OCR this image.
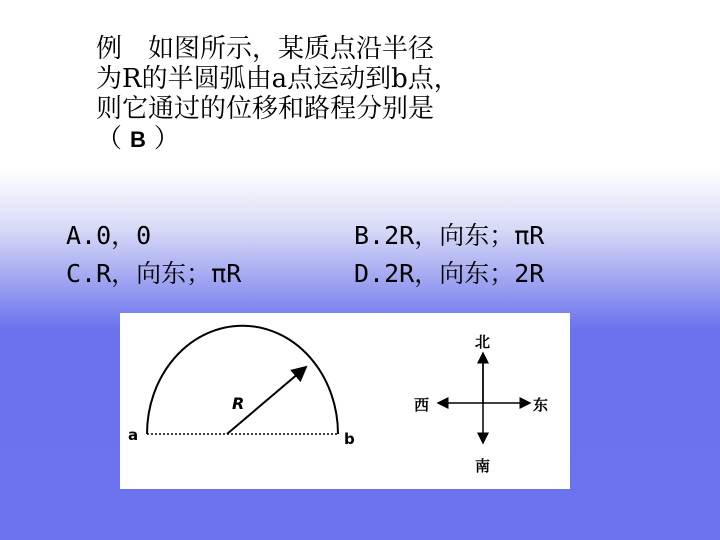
例　如图所示，某质点沿半径
为R的半圆弧由a点运动到b点，
则它通过的位移和路程分别是
（ B ）
A.0，0	B.2R，向东；πR
C.R，向东；πR	D.2R，向东；2R
a	b
R
北
南
西	东
